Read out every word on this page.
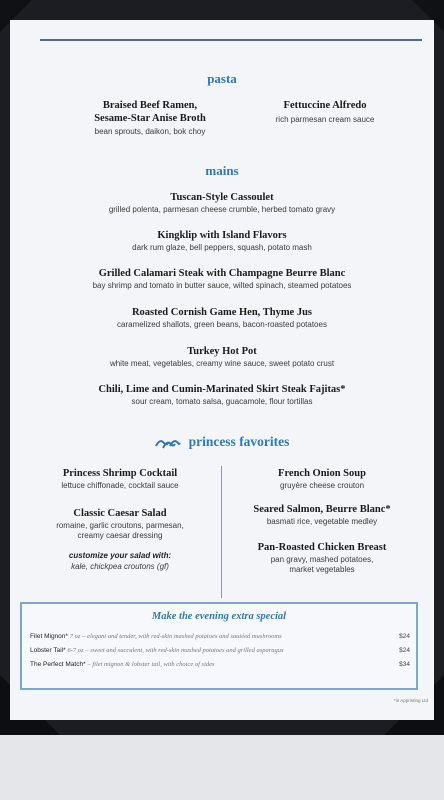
pasta
Braised Beef Ramen,
Sesame-Star Anise Broth
bean sprouts, daikon, bok choy
Fettuccine Alfredo
rich parmesan cream sauce
mains
Tuscan-Style Cassoulet
grilled polenta, parmesan cheese crumble, herbed tomato gravy
Kingklip with Island Flavors
dark rum glaze, bell peppers, squash, potato mash
Grilled Calamari Steak with Champagne Beurre Blanc
bay shrimp and tomato in butter sauce, wilted spinach, steamed potatoes
Roasted Cornish Game Hen, Thyme Jus
caramelized shallots, green beans, bacon-roasted potatoes
Turkey Hot Pot
white meat, vegetables, creamy wine sauce, sweet potato crust
Chili, Lime and Cumin-Marinated Skirt Steak Fajitas*
sour cream, tomato salsa, guacamole, flour tortillas
princess favorites
Princess Shrimp Cocktail
lettuce chiffonade, cocktail sauce
Classic Caesar Salad
romaine, garlic croutons, parmesan,
creamy caesar dressing
customize your salad with:
kale, chickpea croutons (gf)
French Onion Soup
gruyère cheese crouton
Seared Salmon, Beurre Blanc*
basmati rice, vegetable medley
Pan-Roasted Chicken Breast
pan gravy, mashed potatoes,
market vegetables
Make the evening extra special
Filet Mignon* 7 oz – elegant and tender, with red-skin mashed potatoes and sautéed mushrooms	$24
Lobster Tail* 6-7 oz – sweet and succulent, with red-skin mashed potatoes and grilled asparagus	$24
The Perfect Match* – filet mignon & lobster tail, with choice of sides	$34
*in Apprinting Ltd
